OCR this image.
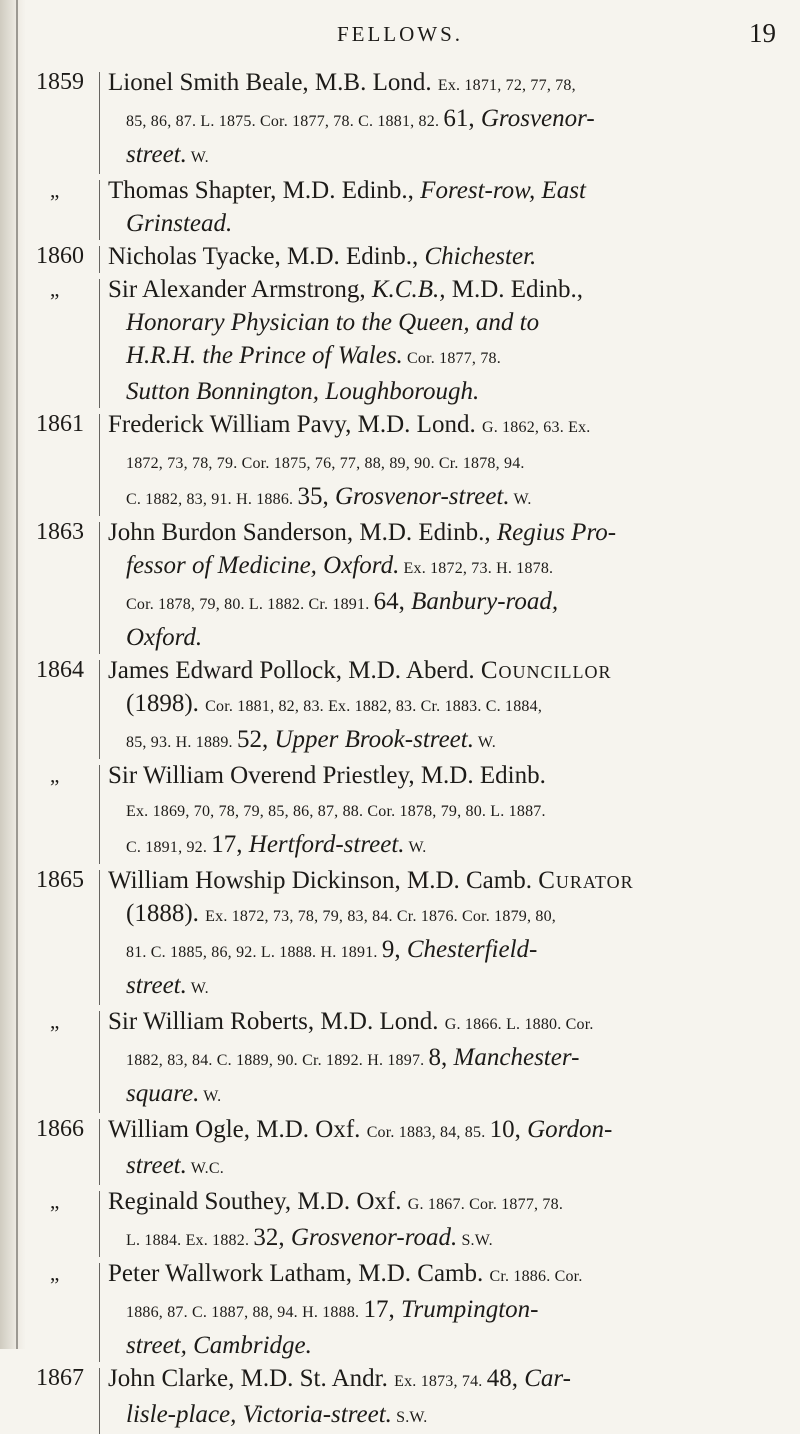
FELLOWS.	19
1859 Lionel Smith Beale, M.B. Lond. Ex. 1871, 72, 77, 78,
85, 86, 87. L. 1875. Cor. 1877, 78. C. 1881, 82. 61, Grosvenor-
street. W.
„	Thomas Shapter, M.D. Edinb., Forest-row, East
Grinstead.
1860 Nicholas Tyacke, M.D. Edinb., Chichester.
„	Sir Alexander Armstrong, K.C.B., M.D. Edinb.,
Honorary Physician to the Queen, and to
H.R.H. the Prince of Wales. Cor. 1877, 78.
Sutton Bonnington, Loughborough.
1861 Frederick William Pavy, M.D. Lond. G. 1862, 63. Ex.
1872, 73, 78, 79. Cor. 1875, 76, 77, 88, 89, 90. Cr. 1878, 94.
C. 1882, 83, 91. H. 1886. 35, Grosvenor-street. W.
1863 John Burdon Sanderson, M.D. Edinb., Regius Pro-
fessor of Medicine, Oxford. Ex. 1872, 73. H. 1878.
Cor. 1878, 79, 80. L. 1882. Cr. 1891. 64, Banbury-road,
Oxford.
1864 James Edward Pollock, M.D. Aberd. Councillor
(1898). Cor. 1881, 82, 83. Ex. 1882, 83. Cr. 1883. C. 1884,
85, 93. H. 1889. 52, Upper Brook-street. W.
„	Sir William Overend Priestley, M.D. Edinb.
Ex. 1869, 70, 78, 79, 85, 86, 87, 88. Cor. 1878, 79, 80. L. 1887.
C. 1891, 92. 17, Hertford-street. W.
1865 William Howship Dickinson, M.D. Camb. Curator
(1888). Ex. 1872, 73, 78, 79, 83, 84. Cr. 1876. Cor. 1879, 80,
81. C. 1885, 86, 92. L. 1888. H. 1891. 9, Chesterfield-
street. W.
„	Sir William Roberts, M.D. Lond. G. 1866. L. 1880. Cor.
1882, 83, 84. C. 1889, 90. Cr. 1892. H. 1897. 8, Manchester-
square. W.
1866 William Ogle, M.D. Oxf. Cor. 1883, 84, 85. 10, Gordon-
street. W.C.
„	Reginald Southey, M.D. Oxf. G. 1867. Cor. 1877, 78.
L. 1884. Ex. 1882. 32, Grosvenor-road. S.W.
„	Peter Wallwork Latham, M.D. Camb. Cr. 1886. Cor.
1886, 87. C. 1887, 88, 94. H. 1888. 17, Trumpington-
street, Cambridge.
1867 John Clarke, M.D. St. Andr. Ex. 1873, 74. 48, Car-
lisle-place, Victoria-street. S.W.
